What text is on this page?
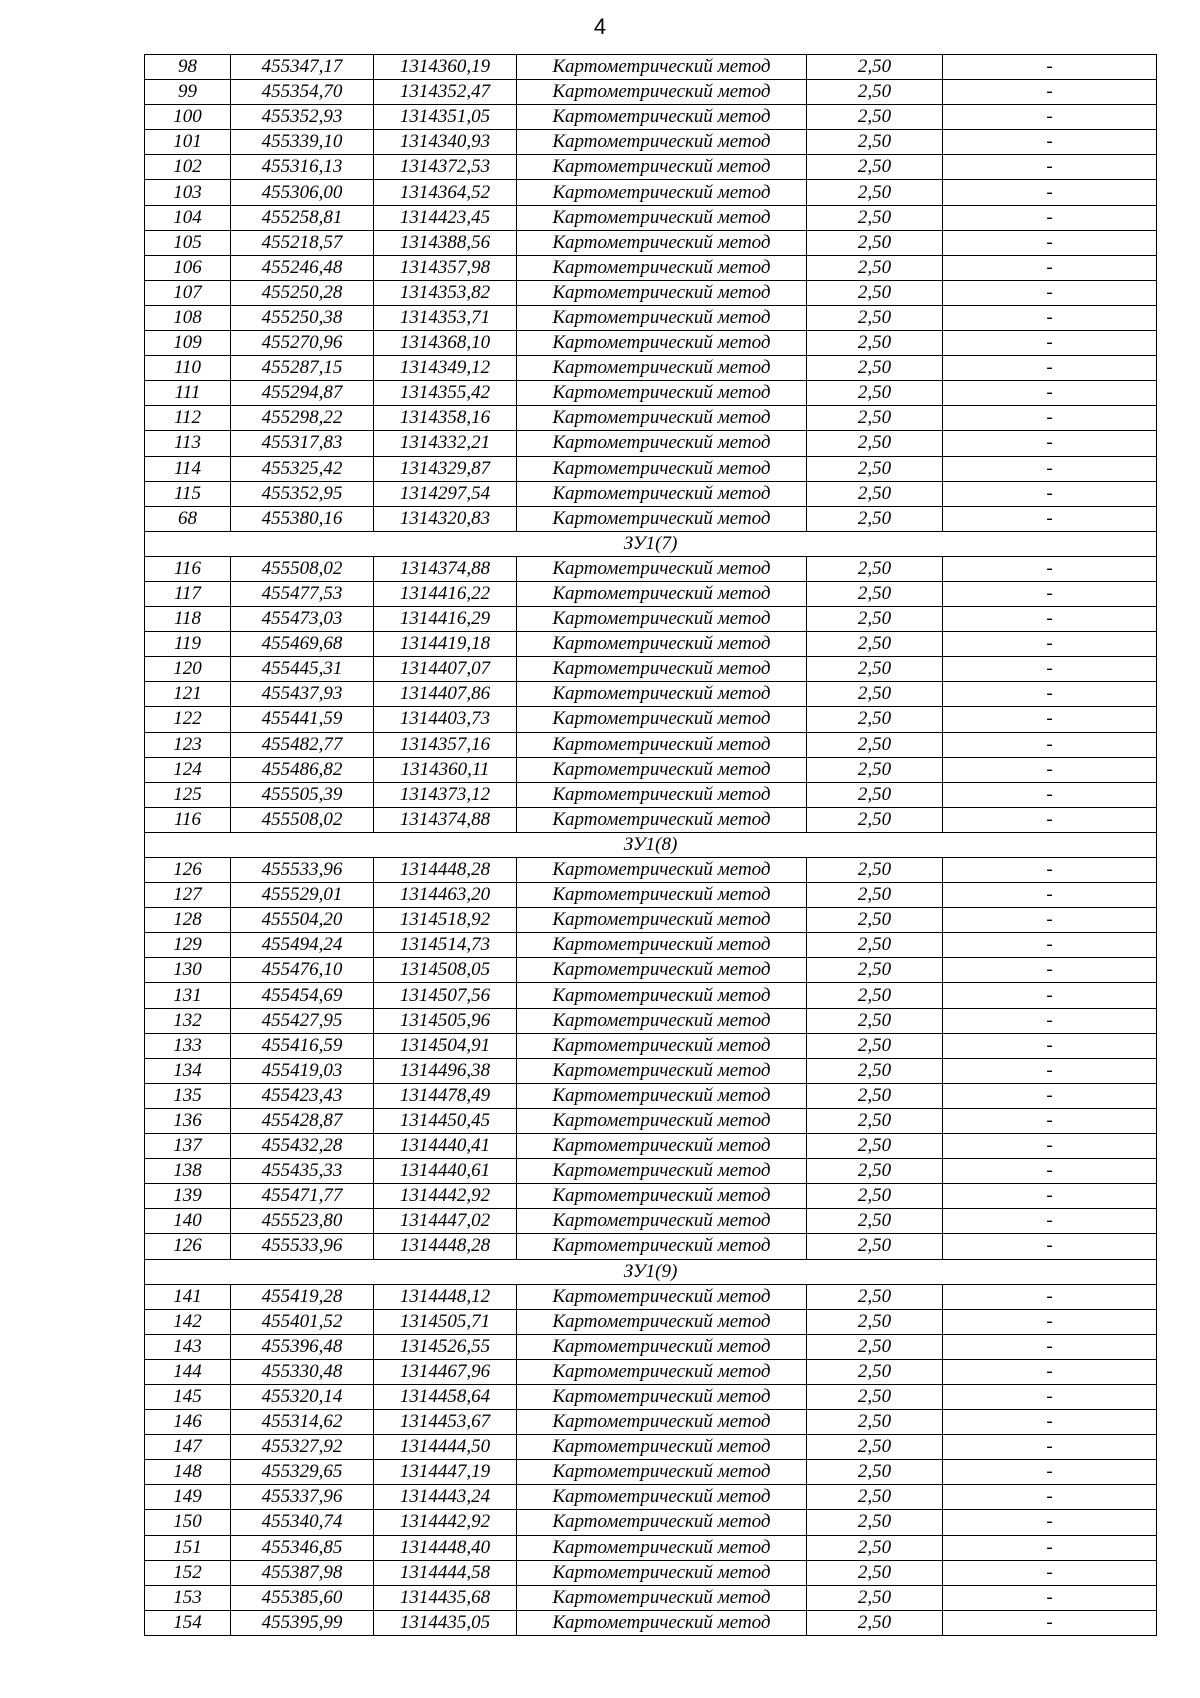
4
98	455347,17	1314360,19	Картометрический метод	2,50	-
99	455354,70	1314352,47	Картометрический метод	2,50	-
100	455352,93	1314351,05	Картометрический метод	2,50	-
101	455339,10	1314340,93	Картометрический метод	2,50	-
102	455316,13	1314372,53	Картометрический метод	2,50	-
103	455306,00	1314364,52	Картометрический метод	2,50	-
104	455258,81	1314423,45	Картометрический метод	2,50	-
105	455218,57	1314388,56	Картометрический метод	2,50	-
106	455246,48	1314357,98	Картометрический метод	2,50	-
107	455250,28	1314353,82	Картометрический метод	2,50	-
108	455250,38	1314353,71	Картометрический метод	2,50	-
109	455270,96	1314368,10	Картометрический метод	2,50	-
110	455287,15	1314349,12	Картометрический метод	2,50	-
111	455294,87	1314355,42	Картометрический метод	2,50	-
112	455298,22	1314358,16	Картометрический метод	2,50	-
113	455317,83	1314332,21	Картометрический метод	2,50	-
114	455325,42	1314329,87	Картометрический метод	2,50	-
115	455352,95	1314297,54	Картометрический метод	2,50	-
68	455380,16	1314320,83	Картометрический метод	2,50	-
ЗУ1(7)					
116	455508,02	1314374,88	Картометрический метод	2,50	-
117	455477,53	1314416,22	Картометрический метод	2,50	-
118	455473,03	1314416,29	Картометрический метод	2,50	-
119	455469,68	1314419,18	Картометрический метод	2,50	-
120	455445,31	1314407,07	Картометрический метод	2,50	-
121	455437,93	1314407,86	Картометрический метод	2,50	-
122	455441,59	1314403,73	Картометрический метод	2,50	-
123	455482,77	1314357,16	Картометрический метод	2,50	-
124	455486,82	1314360,11	Картометрический метод	2,50	-
125	455505,39	1314373,12	Картометрический метод	2,50	-
116	455508,02	1314374,88	Картометрический метод	2,50	-
ЗУ1(8)					
126	455533,96	1314448,28	Картометрический метод	2,50	-
127	455529,01	1314463,20	Картометрический метод	2,50	-
128	455504,20	1314518,92	Картометрический метод	2,50	-
129	455494,24	1314514,73	Картометрический метод	2,50	-
130	455476,10	1314508,05	Картометрический метод	2,50	-
131	455454,69	1314507,56	Картометрический метод	2,50	-
132	455427,95	1314505,96	Картометрический метод	2,50	-
133	455416,59	1314504,91	Картометрический метод	2,50	-
134	455419,03	1314496,38	Картометрический метод	2,50	-
135	455423,43	1314478,49	Картометрический метод	2,50	-
136	455428,87	1314450,45	Картометрический метод	2,50	-
137	455432,28	1314440,41	Картометрический метод	2,50	-
138	455435,33	1314440,61	Картометрический метод	2,50	-
139	455471,77	1314442,92	Картометрический метод	2,50	-
140	455523,80	1314447,02	Картометрический метод	2,50	-
126	455533,96	1314448,28	Картометрический метод	2,50	-
ЗУ1(9)					
141	455419,28	1314448,12	Картометрический метод	2,50	-
142	455401,52	1314505,71	Картометрический метод	2,50	-
143	455396,48	1314526,55	Картометрический метод	2,50	-
144	455330,48	1314467,96	Картометрический метод	2,50	-
145	455320,14	1314458,64	Картометрический метод	2,50	-
146	455314,62	1314453,67	Картометрический метод	2,50	-
147	455327,92	1314444,50	Картометрический метод	2,50	-
148	455329,65	1314447,19	Картометрический метод	2,50	-
149	455337,96	1314443,24	Картометрический метод	2,50	-
150	455340,74	1314442,92	Картометрический метод	2,50	-
151	455346,85	1314448,40	Картометрический метод	2,50	-
152	455387,98	1314444,58	Картометрический метод	2,50	-
153	455385,60	1314435,68	Картометрический метод	2,50	-
154	455395,99	1314435,05	Картометрический метод	2,50	-
